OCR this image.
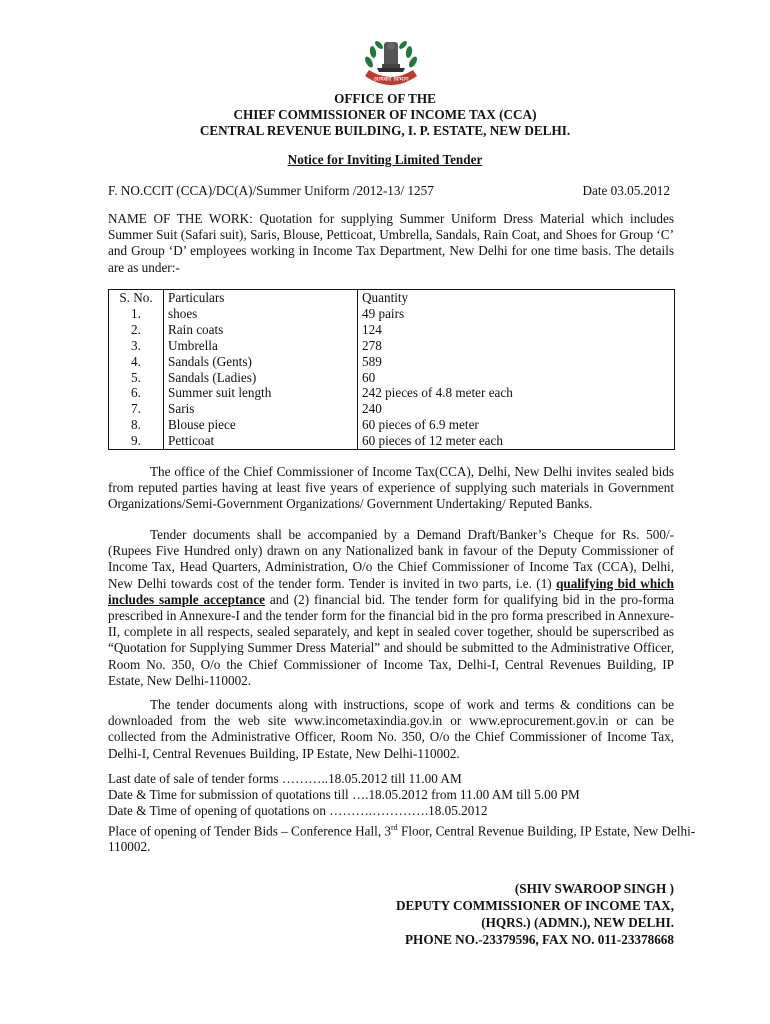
आयकर विभाग
OFFICE OF THE
CHIEF COMMISSIONER OF INCOME TAX (CCA)
CENTRAL REVENUE BUILDING, I. P. ESTATE, NEW DELHI.
Notice for Inviting Limited Tender
F. NO.CCIT (CCA)/DC(A)/Summer Uniform /2012-13/ 1257	Date 03.05.2012
NAME OF THE WORK: Quotation for supplying Summer Uniform Dress Material which includes Summer Suit (Safari suit), Saris, Blouse, Petticoat, Umbrella, Sandals, Rain Coat, and Shoes for Group ‘C’ and Group ‘D’ employees working in Income Tax Department, New Delhi for one time basis. The details are as under:-
S. No.	Particulars	Quantity
1.	shoes	49 pairs
2.	Rain coats	124
3.	Umbrella	278
4.	Sandals (Gents)	589
5.	Sandals (Ladies)	60
6.	Summer suit length	242 pieces of 4.8 meter each
7.	Saris	240
8.	Blouse piece	60 pieces of 6.9 meter
9.	Petticoat	60 pieces of 12 meter each
The office of the Chief Commissioner of Income Tax(CCA), Delhi, New Delhi invites sealed bids from reputed parties having at least five years of experience of supplying such materials in Government Organizations/Semi-Government Organizations/ Government Undertaking/ Reputed Banks.
Tender documents shall be accompanied by a Demand Draft/Banker’s Cheque for Rs. 500/- (Rupees Five Hundred only) drawn on any Nationalized bank in favour of the Deputy Commissioner of Income Tax, Head Quarters, Administration, O/o the Chief Commissioner of Income Tax (CCA), Delhi, New Delhi towards cost of the tender form. Tender is invited in two parts, i.e. (1) qualifying bid which includes sample acceptance and (2) financial bid. The tender form for qualifying bid in the pro-forma prescribed in Annexure-I and the tender form for the financial bid in the pro forma prescribed in Annexure-II, complete in all respects, sealed separately, and kept in sealed cover together, should be superscribed as “Quotation for Supplying Summer Dress Material” and should be submitted to the Administrative Officer, Room No. 350, O/o the Chief Commissioner of Income Tax, Delhi-I, Central Revenues Building, IP Estate, New Delhi-110002.
The tender documents along with instructions, scope of work and terms & conditions can be downloaded from the web site www.incometaxindia.gov.in or www.eprocurement.gov.in or can be collected from the Administrative Officer, Room No. 350, O/o the Chief Commissioner of Income Tax, Delhi-I, Central Revenues Building, IP Estate, New Delhi-110002.
Last date of sale of tender forms ………..18.05.2012 till 11.00 AM
Date & Time for submission of quotations till ….18.05.2012 from 11.00 AM till 5.00 PM
Date & Time of opening of quotations on ……….………….18.05.2012
Place of opening of Tender Bids – Conference Hall, 3rd Floor, Central Revenue Building, IP Estate, New Delhi-110002.
(SHIV SWAROOP SINGH )
DEPUTY COMMISSIONER OF INCOME TAX,
(HQRS.) (ADMN.), NEW DELHI.
PHONE NO.-23379596, FAX NO. 011-23378668
